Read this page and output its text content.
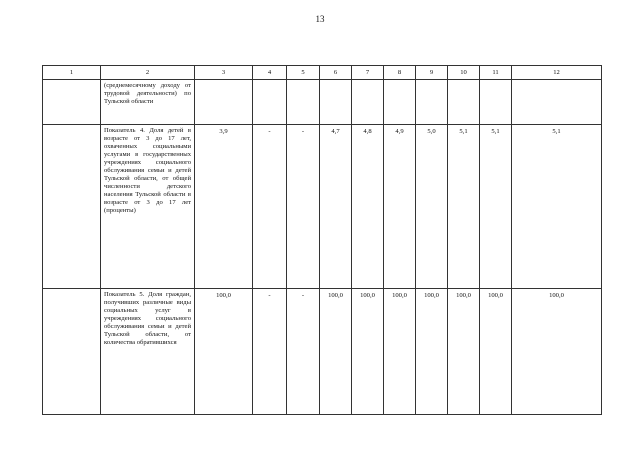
13
1	2	3	4	5	6	7	8	9	10	11	12
	(среднемесячному доходу от трудовой деятельности) по Тульской области										
	Показатель 4. Доля детей в возрасте от 3 до 17 лет, охваченных социальными услугами в государственных учреждениях социального обслуживания семьи и детей Тульской области, от общей численности детского населения Тульской области в возрасте от 3 до 17 лет (проценты)	3,9	-	-	4,7	4,8	4,9	5,0	5,1	5,1	5,1
	Показатель 5. Доля граждан, получивших различные виды социальных услуг в учреждениях социального обслуживания семьи и детей Тульской области, от количества обратившихся	100,0	-	-	100,0	100,0	100,0	100,0	100,0	100,0	100,0
